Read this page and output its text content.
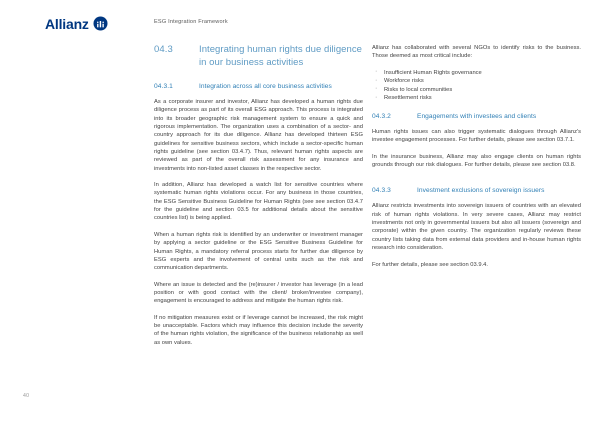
Allianz	ESG Integration Framework
04.3	Integrating human rights due diligence in our business activities
04.3.1	Integration across all core business activities

As a corporate insurer and investor, Allianz has developed a human rights due diligence process as part of its overall ESG approach. This process is integrated into its broader geographic risk management system to ensure a quick and rigorous implementation. The organization uses a combination of a sector- and country approach for its due diligence. Allianz has developed thirteen ESG guidelines for sensitive business sectors, which include a sector-specific human rights guideline (see section 03.4.7). Thus, relevant human rights aspects are reviewed as part of the overall risk assessment for any insurance and investments into non-listed asset classes in the respective sector.

In addition, Allianz has developed a watch list for sensitive countries where systematic human rights violations occur. For any business in those countries, the ESG Sensitive Business Guideline for Human Rights (see see section 03.4.7 for the guideline and section 03.5 for additional details about the sensitive countries list) is being applied.

When a human rights risk is identified by an underwriter or investment manager by applying a sector guideline or the ESG Sensitive Business Guideline for Human Rights, a mandatory referral process starts for further due diligence by ESG experts and the involvement of central units such as the risk and communication departments.

Where an issue is detected and the (re)insurer / investor has leverage (in a lead position or with good contact with the client/ broker/investee company), engagement is encouraged to address and mitigate the human rights risk.

If no mitigation measures exist or if leverage cannot be increased, the risk might be unacceptable. Factors which may influence this decision include the severity of the human rights violation, the significance of the business relationship as well as own values.

Allianz has collaborated with several NGOs to identify risks to the business. Those deemed as most critical include:

· Insufficient Human Rights governance
· Workforce risks
· Risks to local communities
· Resettlement risks
04.3.2	Engagements with investees and clients

Human rights issues can also trigger systematic dialogues through Allianz's investee engagement processes. For further details, please see section 03.7.1.

In the insurance business, Allianz may also engage clients on human rights grounds through our risk dialogues. For further details, please see section 03.8.

04.3.3	Investment exclusions of sovereign issuers

Allianz restricts investments into sovereign issuers of countries with an elevated risk of human rights violations. In very severe cases, Allianz may restrict investments not only in governmental issuers but also all issuers (sovereign and corporate) within the given country. The organization regularly reviews these country lists taking data from external data providers and in-house human rights research into consideration.

For further details, please see section 03.9.4.

40
